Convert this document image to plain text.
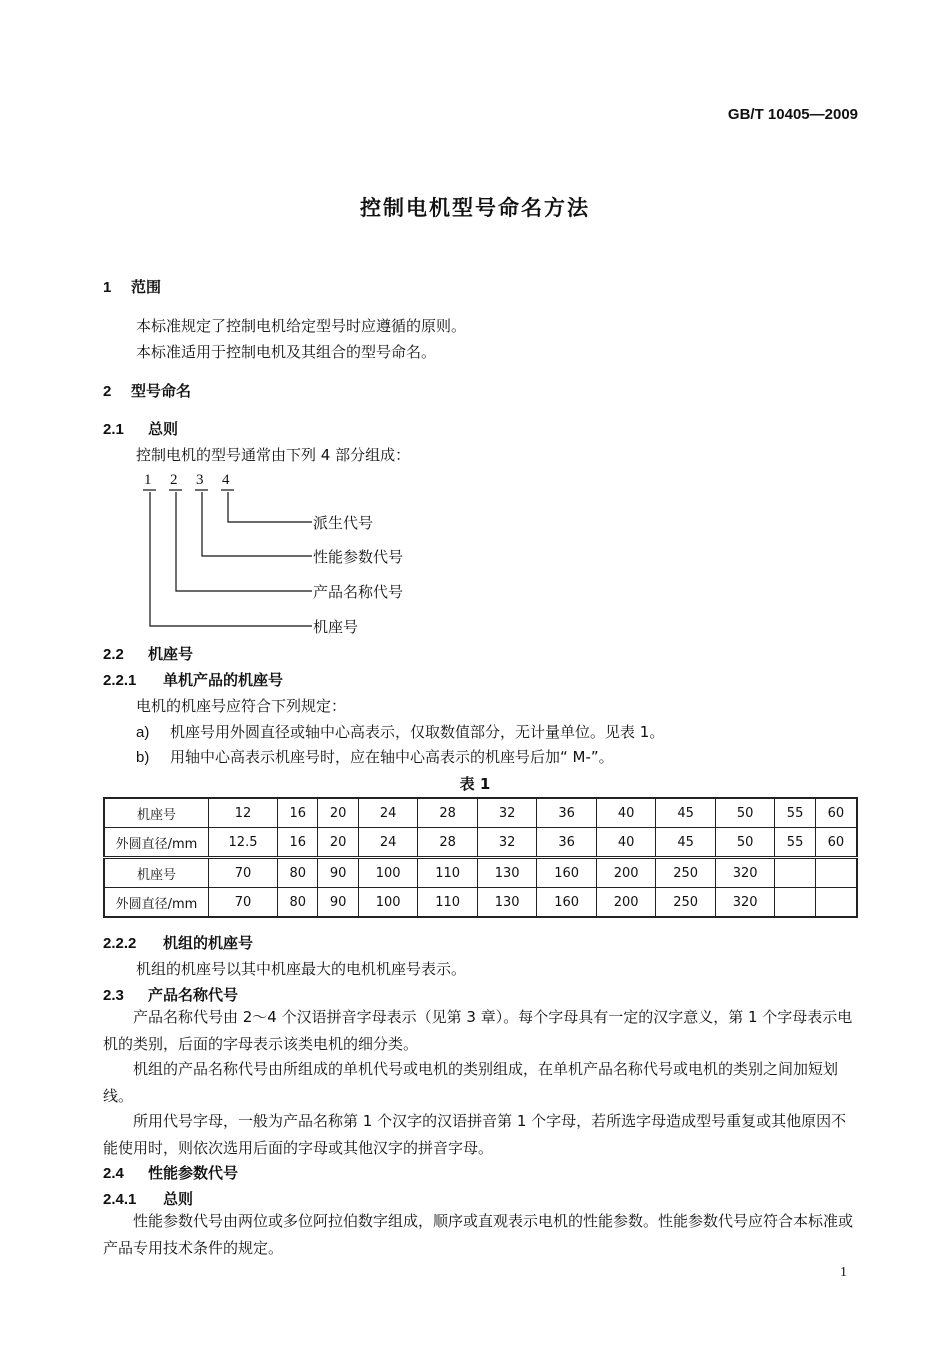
GB/T 10405—2009
控制电机型号命名方法
1 范围
本标准规定了控制电机给定型号时应遵循的原则。
本标准适用于控制电机及其组合的型号命名。
2 型号命名
2.1 总则
控制电机的型号通常由下列 4 部分组成：
1 2 3 4
派生代号
性能参数代号
产品名称代号
机座号
2.2 机座号
2.2.1 单机产品的机座号
电机的机座号应符合下列规定：
a) 机座号用外圆直径或轴中心高表示，仅取数值部分，无计量单位。见表 1。
b) 用轴中心高表示机座号时，应在轴中心高表示的机座号后加“ M-”。
表 1
机座号	12	16	20	24	28	32	36	40	45	50	55	60
外圆直径/mm	12.5	16	20	24	28	32	36	40	45	50	55	60
机座号	70	80	90	100	110	130	160	200	250	320		
外圆直径/mm	70	80	90	100	110	130	160	200	250	320		
2.2.2 机组的机座号
机组的机座号以其中机座最大的电机机座号表示。
2.3 产品名称代号
产品名称代号由 2～4 个汉语拼音字母表示（见第 3 章）。每个字母具有一定的汉字意义，第 1 个字母表示电机的类别，后面的字母表示该类电机的细分类。
机组的产品名称代号由所组成的单机代号或电机的类别组成，在单机产品名称代号或电机的类别之间加短划线。
所用代号字母，一般为产品名称第 1 个汉字的汉语拼音第 1 个字母，若所选字母造成型号重复或其他原因不能使用时，则依次选用后面的字母或其他汉字的拼音字母。
2.4 性能参数代号
2.4.1 总则
性能参数代号由两位或多位阿拉伯数字组成，顺序或直观表示电机的性能参数。性能参数代号应符合本标准或产品专用技术条件的规定。
1
